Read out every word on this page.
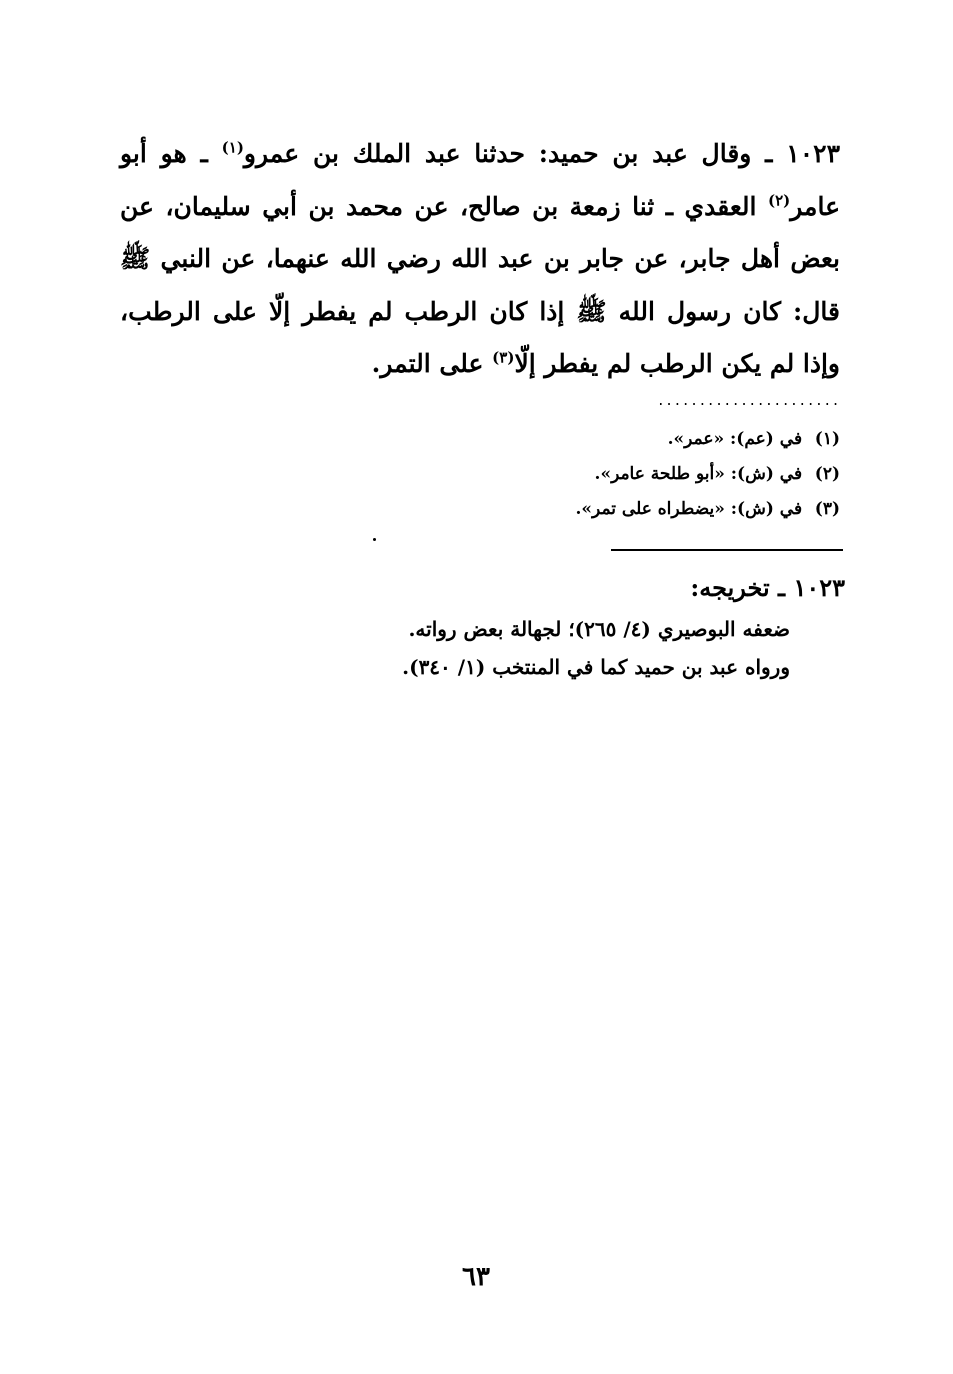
١٠٢٣ ـ وقال عبد بن حميد: حدثنا عبد الملك بن عمرو$^{(١)}$ ـ هو أبو عامر$^{(٢)}$ العقدي ـ ثنا زمعة بن صالح، عن محمد بن أبي سليمان، عن بعض أهل جابر، عن جابر بن عبد الله رضي الله عنهما، عن النبي ﷺ قال: كان رسول الله ﷺ إذا كان الرطب لم يفطر إلّا على الرطب، وإذا لم يكن الرطب لم يفطر إلّا$^{(٣)}$ على التمر.

......................
(١) في (عم): «عمر».
(٢) في (ش): «أبو طلحة عامر».
(٣) في (ش): «يضطراه على تمر».
١٠٢٣ ـ تخريجه:
ضعفه البوصيري (٤/ ٢٦٥)؛ لجهالة بعض رواته.
ورواه عبد بن حميد كما في المنتخب (١/ ٣٤٠).
٦٣
